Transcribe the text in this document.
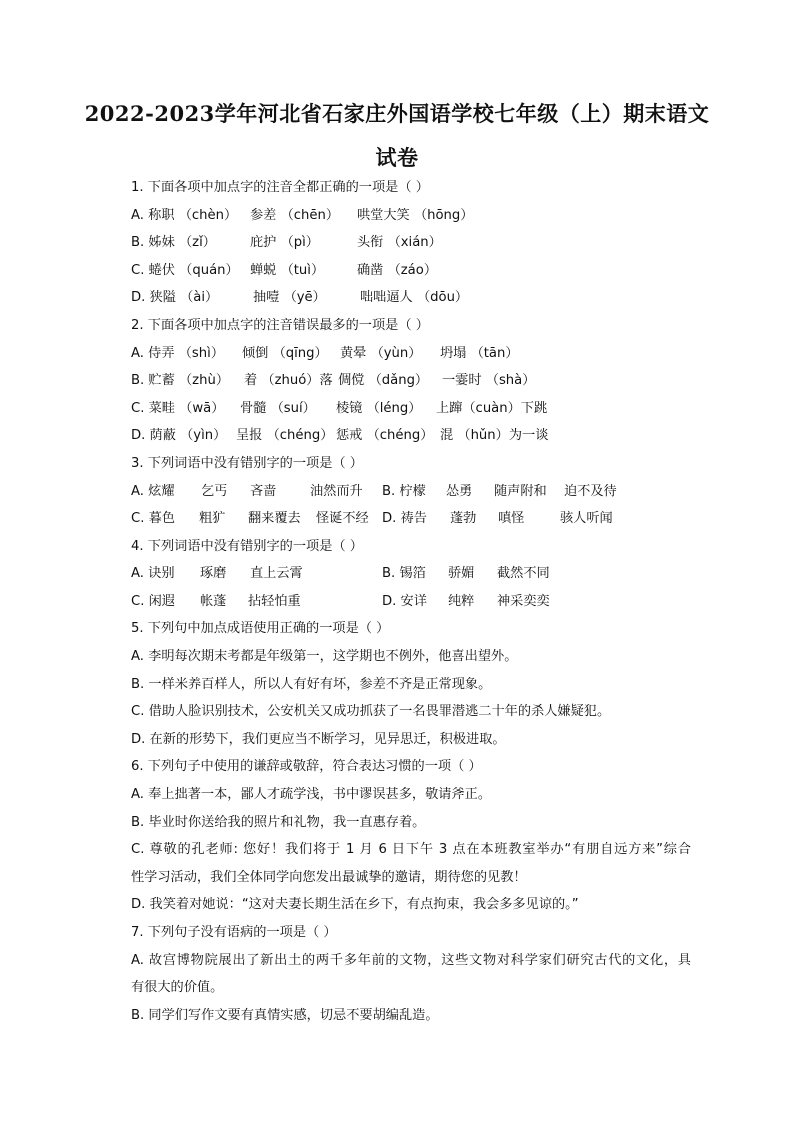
2022-2023学年河北省石家庄外国语学校七年级（上）期末语文
试卷
1. 下面各项中加点字的注音全都正确的一项是（ ）
A. 称职 （chèn） 参差 （chēn） 哄堂大笑 （hōng）
B. 姊妹 （zǐ）	庇护 （pì）	头衔 （xián）
C. 蜷伏 （quán） 蝉蜕 （tuì） 确凿 （záo）
D. 狭隘 （ài）	抽噎 （yē）	咄咄逼人 （dōu）
2. 下面各项中加点字的注音错误最多的一项是（ ）
A. 侍弄 （shì） 倾倒 （qīng） 黄晕 （yùn） 坍塌 （tān）
B. 贮蓄 （zhù） 着 （zhuó）落 倜傥 （dǎng） 一霎时 （shà）
C. 菜畦 （wā） 骨髓 （suí） 棱镜 （léng） 上蹿（cuàn）下跳
D. 荫蔽 （yìn） 呈报 （chéng） 惩戒 （chéng） 混 （hǔn）为一谈
3. 下列词语中没有错别字的一项是（ ）
A. 炫耀 乞丐 吝啬	油然而升 B. 柠檬 怂勇 随声附和 迫不及待
C. 暮色 粗犷 翻来覆去 怪诞不经 D. 祷告 蓬勃 嗔怪	骇人听闻
4. 下列词语中没有错别字的一项是（ ）
A. 诀别 琢磨 直上云霄	B. 锡箔 骄媚 截然不同
C. 闲遐 帐蓬 拈轻怕重	D. 安详 纯粹 神采奕奕
5. 下列句中加点成语使用正确的一项是（ ）
A. 李明每次期末考都是年级第一，这学期也不例外，他喜出望外。
B. 一样米养百样人，所以人有好有坏，参差不齐是正常现象。
C. 借助人脸识别技术，公安机关又成功抓获了一名畏罪潜逃二十年的杀人嫌疑犯。
D. 在新的形势下，我们更应当不断学习，见异思迁，积极进取。
6. 下列句子中使用的谦辞或敬辞，符合表达习惯的一项（ ）
A. 奉上拙著一本，鄙人才疏学浅，书中谬误甚多，敬请斧正。
B. 毕业时你送给我的照片和礼物，我一直惠存着。
C. 尊敬的孔老师: 您好！我们将于 1 月 6 日下午 3 点在本班教室举办“有朋自远方来”综合
性学习活动，我们全体同学向您发出最诚挚的邀请，期待您的见教！
D. 我笑着对她说：“这对夫妻长期生活在乡下，有点拘束，我会多多见谅的。”
7. 下列句子没有语病的一项是（ ）
A. 故宫博物院展出了新出土的两千多年前的文物，这些文物对科学家们研究古代的文化，具
有很大的价值。
B. 同学们写作文要有真情实感，切忌不要胡编乱造。
